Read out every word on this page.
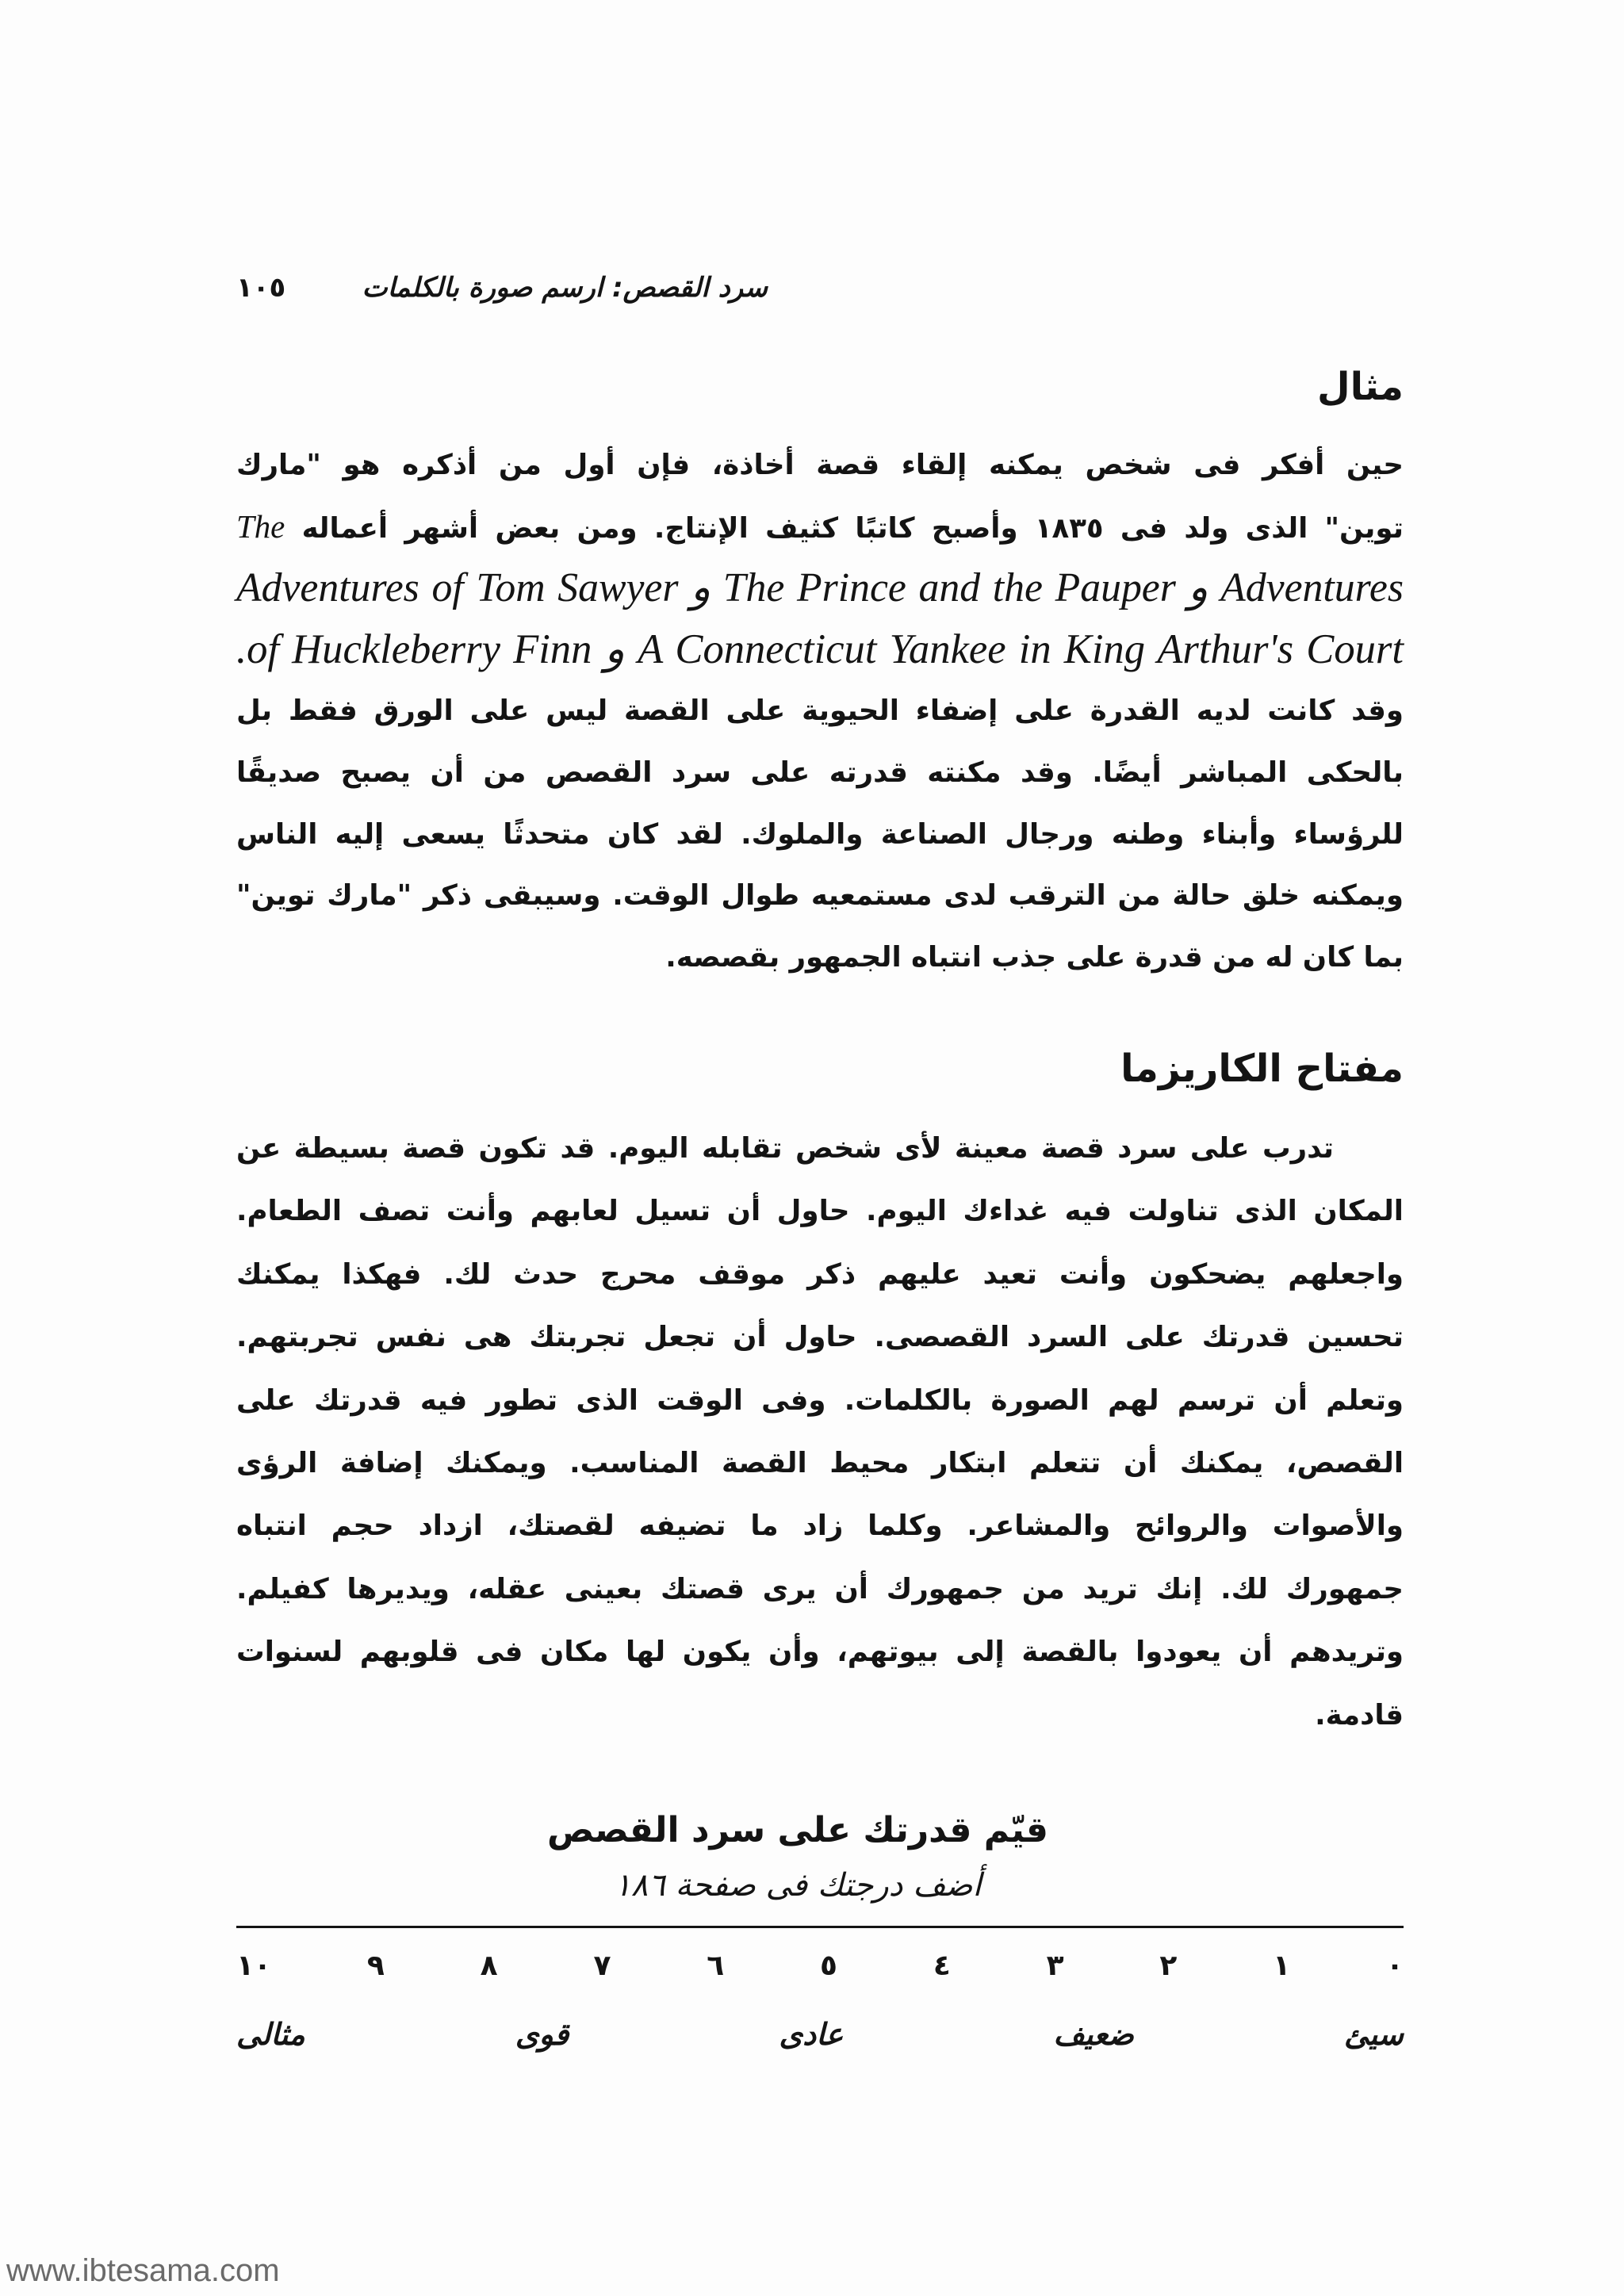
١٠٥	سرد القصص: ارسم صورة بالكلمات
مثال
حين أفكر فى شخص يمكنه إلقاء قصة أخاذة، فإن أول من أذكره هو "مارك
توين" الذى ولد فى ١٨٣٥ وأصبح كاتبًا كثيف الإنتاج. ومن بعض أشهر أعماله The
Adventures of Tom Sawyer و The Prince and the Pauper و Adventures
.of Huckleberry Finn و A Connecticut Yankee in King Arthur's Court
وقد كانت لديه القدرة على إضفاء الحيوية على القصة ليس على الورق فقط بل
بالحكى المباشر أيضًا. وقد مكنته قدرته على سرد القصص من أن يصبح صديقًا
للرؤساء وأبناء وطنه ورجال الصناعة والملوك. لقد كان متحدثًا يسعى إليه الناس
ويمكنه خلق حالة من الترقب لدى مستمعيه طوال الوقت. وسيبقى ذكر "مارك توين"
بما كان له من قدرة على جذب انتباه الجمهور بقصصه.
مفتاح الكاريزما
تدرب على سرد قصة معينة لأى شخص تقابله اليوم. قد تكون قصة بسيطة عن
المكان الذى تناولت فيه غداءك اليوم. حاول أن تسيل لعابهم وأنت تصف الطعام.
واجعلهم يضحكون وأنت تعيد عليهم ذكر موقف محرج حدث لك. فهكذا يمكنك
تحسين قدرتك على السرد القصصى. حاول أن تجعل تجربتك هى نفس تجربتهم.
وتعلم أن ترسم لهم الصورة بالكلمات. وفى الوقت الذى تطور فيه قدرتك على
القصص، يمكنك أن تتعلم ابتكار محيط القصة المناسب. ويمكنك إضافة الرؤى
والأصوات والروائح والمشاعر. وكلما زاد ما تضيفه لقصتك، ازداد حجم انتباه
جمهورك لك. إنك تريد من جمهورك أن يرى قصتك بعينى عقله، ويديرها كفيلم.
وتريدهم أن يعودوا بالقصة إلى بيوتهم، وأن يكون لها مكان فى قلوبهم لسنوات
قادمة.
قيّم قدرتك على سرد القصص
أضف درجتك فى صفحة ١٨٦
٠
١
٢
٣
٤
٥
٦
٧
٨
٩
١٠
سيئ
ضعيف
عادى
قوى
مثالى
www.ibtesama.com
